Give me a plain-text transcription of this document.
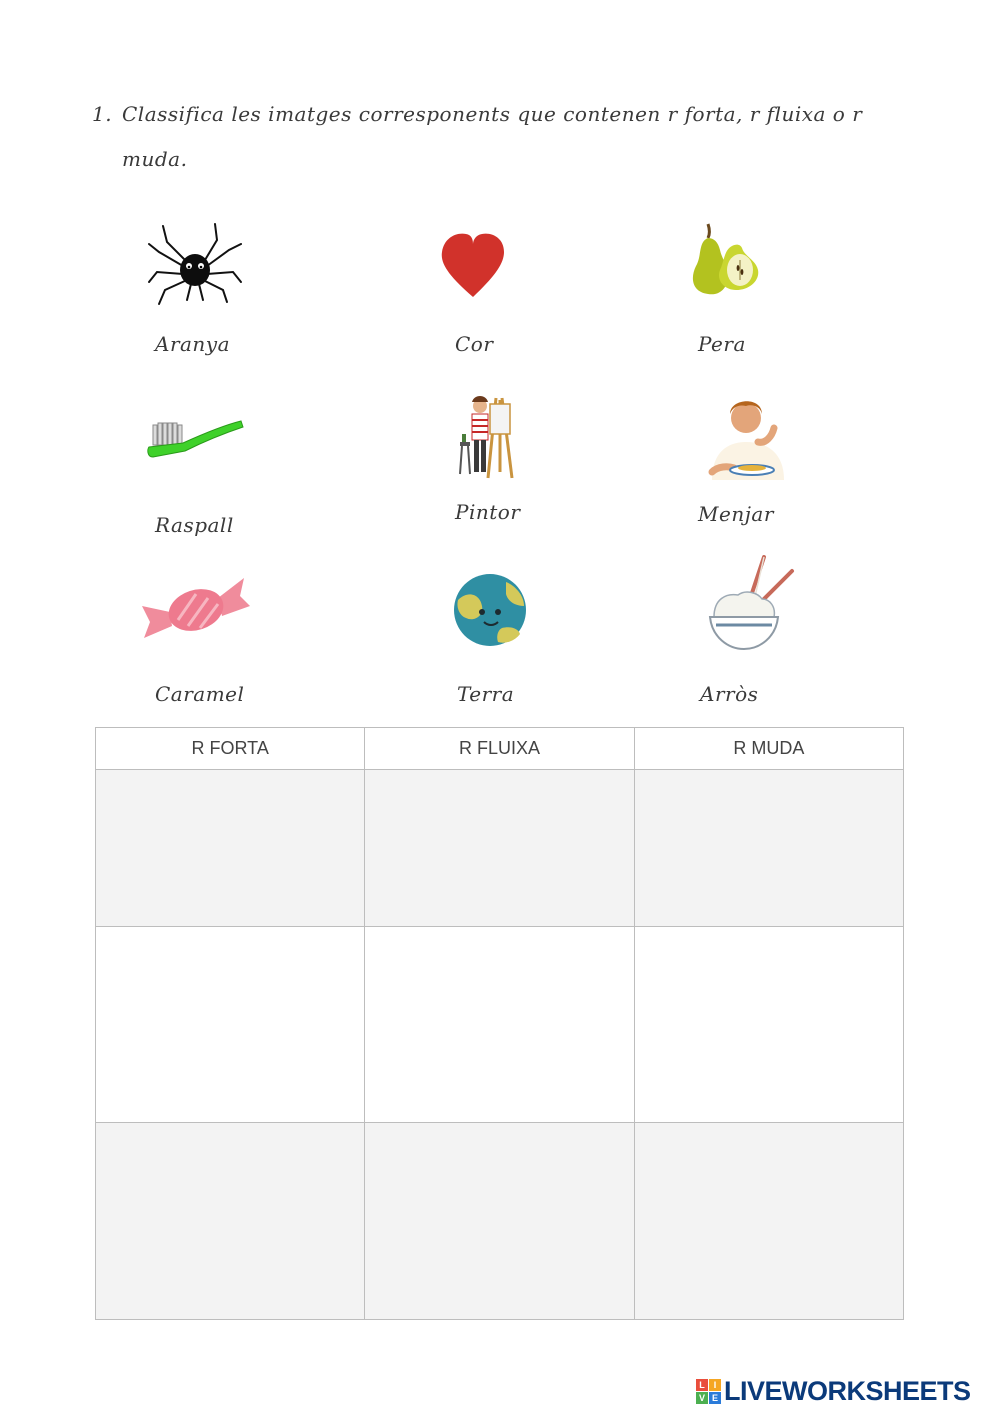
1. Classifica les imatges corresponents que contenen r forta, r fluixa o r
muda.
Aranya	Cor	Pera
Raspall
Pintor	Menjar
Caramel	Terra	Arròs
R FORTA	R FLUIXA	R MUDA

L I
V E LIVEWORKSHEETS
